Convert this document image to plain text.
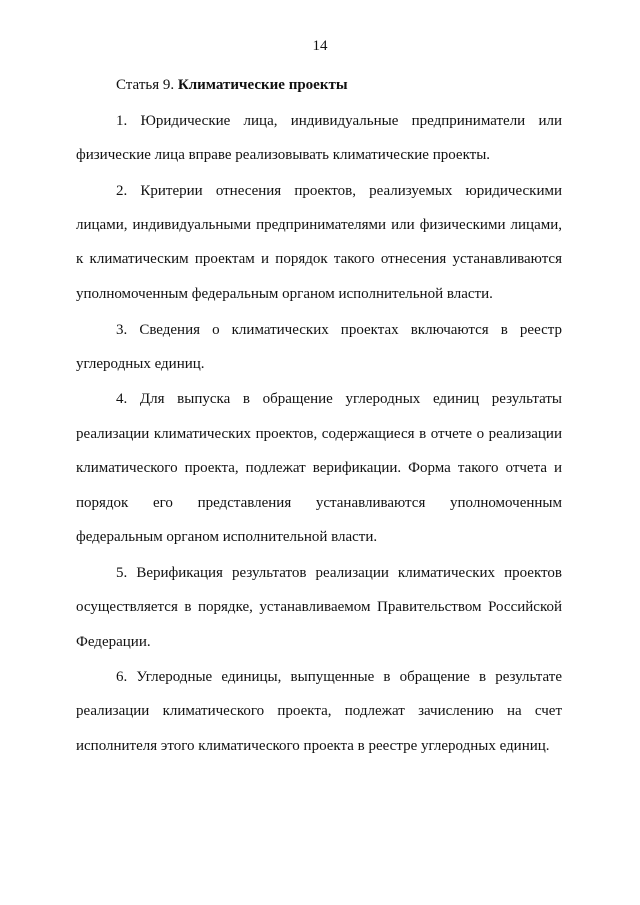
14
Статья 9. Климатические проекты
1. Юридические лица, индивидуальные предприниматели или
физические лица вправе реализовывать климатические проекты.
2. Критерии отнесения проектов, реализуемых юридическими
лицами, индивидуальными предпринимателями или физическими лицами,
к климатическим проектам и порядок такого отнесения устанавливаются
уполномоченным федеральным органом исполнительной власти.
3. Сведения о климатических проектах включаются в реестр
углеродных единиц.
4. Для выпуска в обращение углеродных единиц результаты
реализации климатических проектов, содержащиеся в отчете о реализации
климатического проекта, подлежат верификации. Форма такого отчета и
порядок его представления устанавливаются уполномоченным
федеральным органом исполнительной власти.
5. Верификация результатов реализации климатических проектов
осуществляется в порядке, устанавливаемом Правительством Российской
Федерации.
6. Углеродные единицы, выпущенные в обращение в результате
реализации климатического проекта, подлежат зачислению на счет
исполнителя этого климатического проекта в реестре углеродных единиц.
